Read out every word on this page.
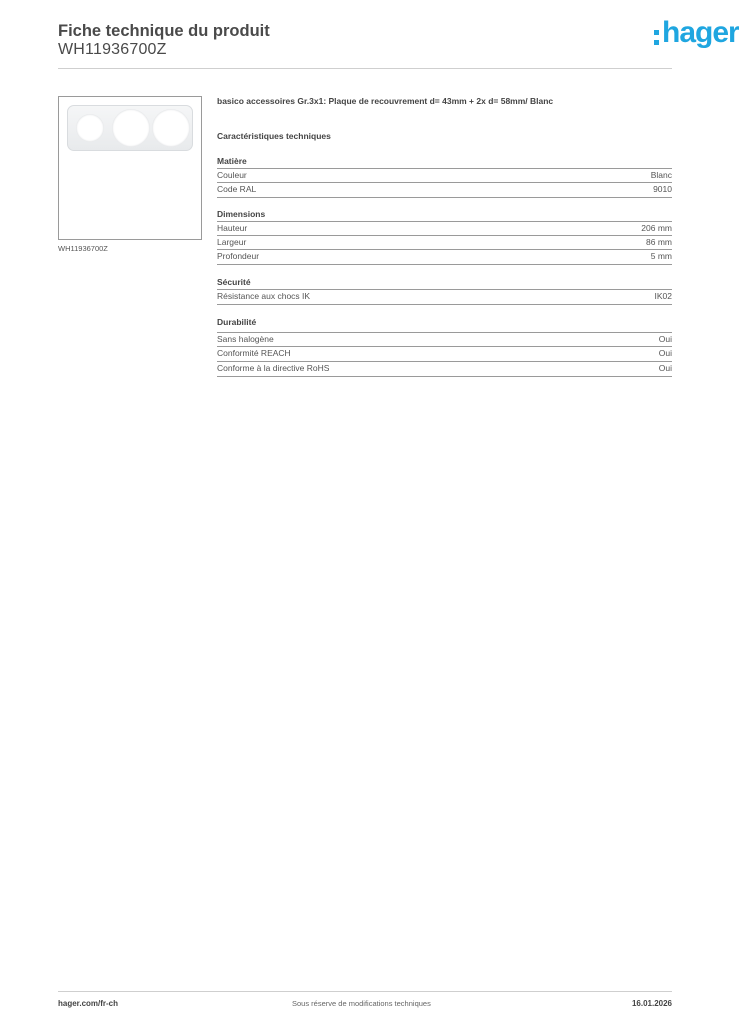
Fiche technique du produit
WH11936700Z
hager
WH11936700Z
basico accessoires Gr.3x1: Plaque de recouvrement d= 43mm + 2x d= 58mm/ Blanc
Caractéristiques techniques
Matière
Couleur	Blanc
Code RAL	9010
Dimensions
Hauteur	206 mm
Largeur	86 mm
Profondeur	5 mm
Sécurité
Résistance aux chocs IK	IK02
Durabilité
Sans halogène	Oui
Conformité REACH	Oui
Conforme à la directive RoHS	Oui
hager.com/fr-ch	Sous réserve de modifications techniques	16.01.2026
